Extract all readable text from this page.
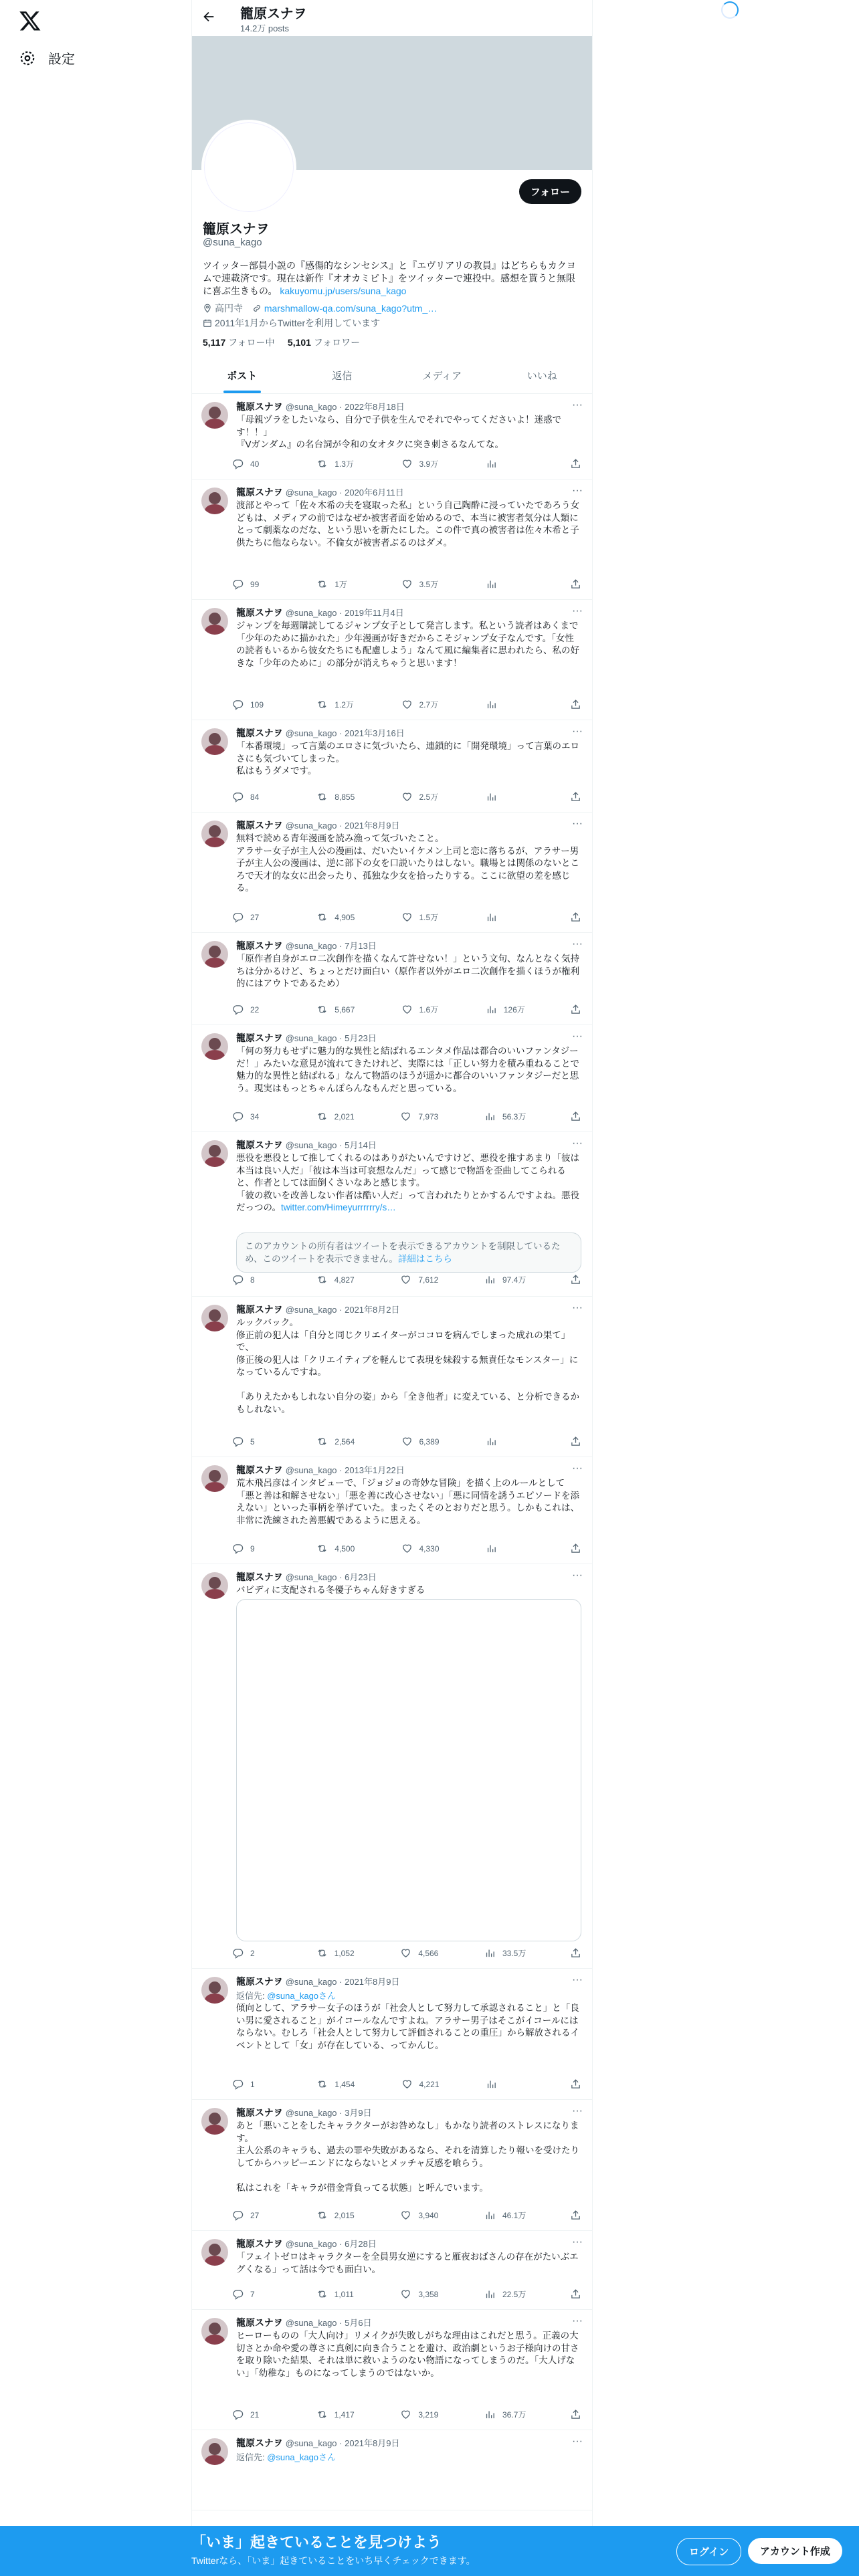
設定
籠原スナヲ
14.2万 posts
フォロー
籠原スナヲ
@suna_kago
ツイッター部員小説の『感傷的なシンセシス』と『エヴリアリの教員』はどちらもカクヨムで連載済です。現在は新作『オオカミピト』をツイッターで連投中。感想を貰うと無限に喜ぶ生きもの。 kakuyomu.jp/users/suna_kago
高円寺
marshmallow-qa.com/suna_kago?utm_…

2011年1月からTwitterを利用しています
5,117 フォロー中 5,101 フォロワー
ポスト	返信	メディア	いいね
籠原スナヲ @suna_kago · 2022年8月18日	···
「母親ヅラをしたいなら、自分で子供を生んでそれでやってくださいよ！迷惑です！！」
『Vガンダム』の名台詞が令和の女オタクに突き刺さるなんてな。
40	1.3万	3.9万
籠原スナヲ @suna_kago · 2020年6月11日	···
渡部とやって「佐々木希の夫を寝取った私」という自己陶酔に浸っていたであろう女どもは、メディアの前ではなぜか被害者面を始めるので、本当に被害者気分は人類にとって劇薬なのだな、という思いを新たにした。この件で真の被害者は佐々木希と子供たちに他ならない。不倫女が被害者ぶるのはダメ。
99	1万	3.5万
籠原スナヲ @suna_kago · 2019年11月4日	···
ジャンプを毎週購読してるジャンプ女子として発言します。私という読者はあくまで「少年のために描かれた」少年漫画が好きだからこそジャンプ女子なんです。「女性の読者もいるから彼女たちにも配慮しよう」なんて風に編集者に思われたら、私の好きな「少年のために」の部分が消えちゃうと思います！
109	1.2万	2.7万
籠原スナヲ @suna_kago · 2021年3月16日	···
「本番環境」って言葉のエロさに気づいたら、連鎖的に「開発環境」って言葉のエロさにも気づいてしまった。
私はもうダメです。
84	8,855	2.5万
籠原スナヲ @suna_kago · 2021年8月9日	···
無料で読める青年漫画を読み漁って気づいたこと。
アラサー女子が主人公の漫画は、だいたいイケメン上司と恋に落ちるが、アラサー男子が主人公の漫画は、逆に部下の女を口説いたりはしない。職場とは関係のないところで天才的な女に出会ったり、孤独な少女を拾ったりする。ここに欲望の差を感じる。
27	4,905	1.5万
籠原スナヲ @suna_kago · 7月13日	···
「原作者自身がエロ二次創作を描くなんて許せない！」という文句、なんとなく気持ちは分かるけど、ちょっとだけ面白い（原作者以外がエロ二次創作を描くほうが権利的にはアウトであるため）
22	5,667	1.6万	126万
籠原スナヲ @suna_kago · 5月23日	···
「何の努力もせずに魅力的な異性と結ばれるエンタメ作品は都合のいいファンタジーだ！」みたいな意見が流れてきたけれど、実際には「正しい努力を積み重ねることで魅力的な異性と結ばれる」なんて物語のほうが遥かに都合のいいファンタジーだと思う。現実はもっとちゃんぽらんなもんだと思っている。
34	2,021	7,973	56.3万
籠原スナヲ @suna_kago · 5月14日	···
悪役を悪役として推してくれるのはありがたいんですけど、悪役を推すあまり「彼は本当は良い人だ」「彼は本当は可哀想なんだ」って感じで物語を歪曲してこられると、作者としては面倒くさいなあと感じます。
「彼の救いを改善しない作者は酷い人だ」って言われたりとかするんですよね。悪役だっつの。twitter.com/Himeyurrrrrry/s…
このアカウントの所有者はツイートを表示できるアカウントを制限しているため、このツイートを表示できません。詳細はこちら
8	4,827	7,612	97.4万
籠原スナヲ @suna_kago · 2021年8月2日	···
ルックバック。
修正前の犯人は「自分と同じクリエイターがココロを病んでしまった成れの果て」で、
修正後の犯人は「クリエイティブを軽んじて表現を妹殺する無責任なモンスター」になっているんですね。

「ありえたかもしれない自分の姿」から「全き他者」に変えている、と分析できるかもしれない。
5	2,564	6,389
籠原スナヲ @suna_kago · 2013年1月22日	···
荒木飛呂彦はインタビューで、「ジョジョの奇妙な冒険」を描く上のルールとして「悪と善は和解させない」「悪を善に改心させない」「悪に同情を誘うエピソードを添えない」といった事柄を挙げていた。まったくそのとおりだと思う。しかもこれは、非常に洗練された善悪観であるように思える。
9	4,500	4,330
籠原スナヲ @suna_kago · 6月23日	···
バビディに支配される冬優子ちゃん好きすぎる
2	1,052	4,566	33.5万
籠原スナヲ @suna_kago · 2021年8月9日	···
返信先: @suna_kagoさん
傾向として、アラサー女子のほうが「社会人として努力して承認されること」と「良い男に愛されること」がイコールなんですよね。アラサー男子はそこがイコールにはならない。むしろ「社会人として努力して評価されることの重圧」から解放されるイベントとして「女」が存在している、ってかんじ。
1	1,454	4,221
籠原スナヲ @suna_kago · 3月9日	···
あと「悪いことをしたキャラクターがお咎めなし」もかなり読者のストレスになります。
主人公系のキャラも、過去の罪や失敗があるなら、それを清算したり報いを受けたりしてからハッピーエンドにならないとメッチャ反感を喰らう。

私はこれを「キャラが借金背負ってる状態」と呼んでいます。
27	2,015	3,940	46.1万
籠原スナヲ @suna_kago · 6月28日	···
「フェイトゼロはキャラクターを全員男女逆にすると雁夜おばさんの存在がたいぶエグくなる」って話は今でも面白い。
7	1,011	3,358	22.5万
籠原スナヲ @suna_kago · 5月6日	···
ヒーローものの「大人向け」リメイクが失敗しがちな理由はこれだと思う。正義の大切さとか命や愛の尊さに真剣に向き合うことを避け、政治劇というお子様向けの甘さを取り除いた結果、それは単に救いようのない物語になってしまうのだ。「大人げない」「幼稚な」ものになってしまうのではないか。
21	1,417	3,219	36.7万
籠原スナヲ @suna_kago · 2021年8月9日	···
返信先: @suna_kagoさん
「いま」起きていることを見つけよう
Twitterなら、「いま」起きていることをいち早くチェックできます。
ログイン	アカウント作成
